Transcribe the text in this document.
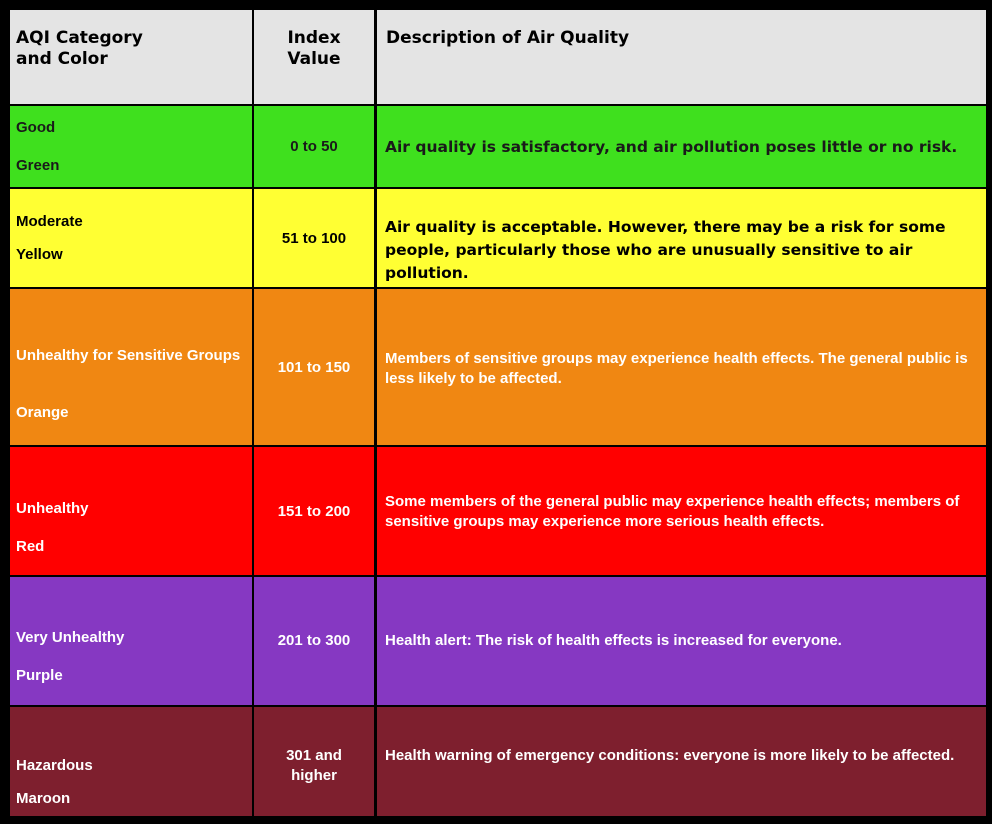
AQI Category and Color
Index Value
Description of Air Quality
Good
Green
0 to 50	Air quality is satisfactory, and air pollution poses little or no risk.
Moderate
Yellow
51 to 100
Air quality is acceptable. However, there may be a risk for some people, particularly those who are unusually sensitive to air pollution.
Unhealthy for Sensitive Groups
Orange
101 to 150
Members of sensitive groups may experience health effects. The general public is less likely to be affected.
Unhealthy
Red
151 to 200
Some members of the general public may experience health effects; members of sensitive groups may experience more serious health effects.
Very Unhealthy
Purple
201 to 300	Health alert: The risk of health effects is increased for everyone.
Hazardous
Maroon
301 and higher
Health warning of emergency conditions: everyone is more likely to be affected.
